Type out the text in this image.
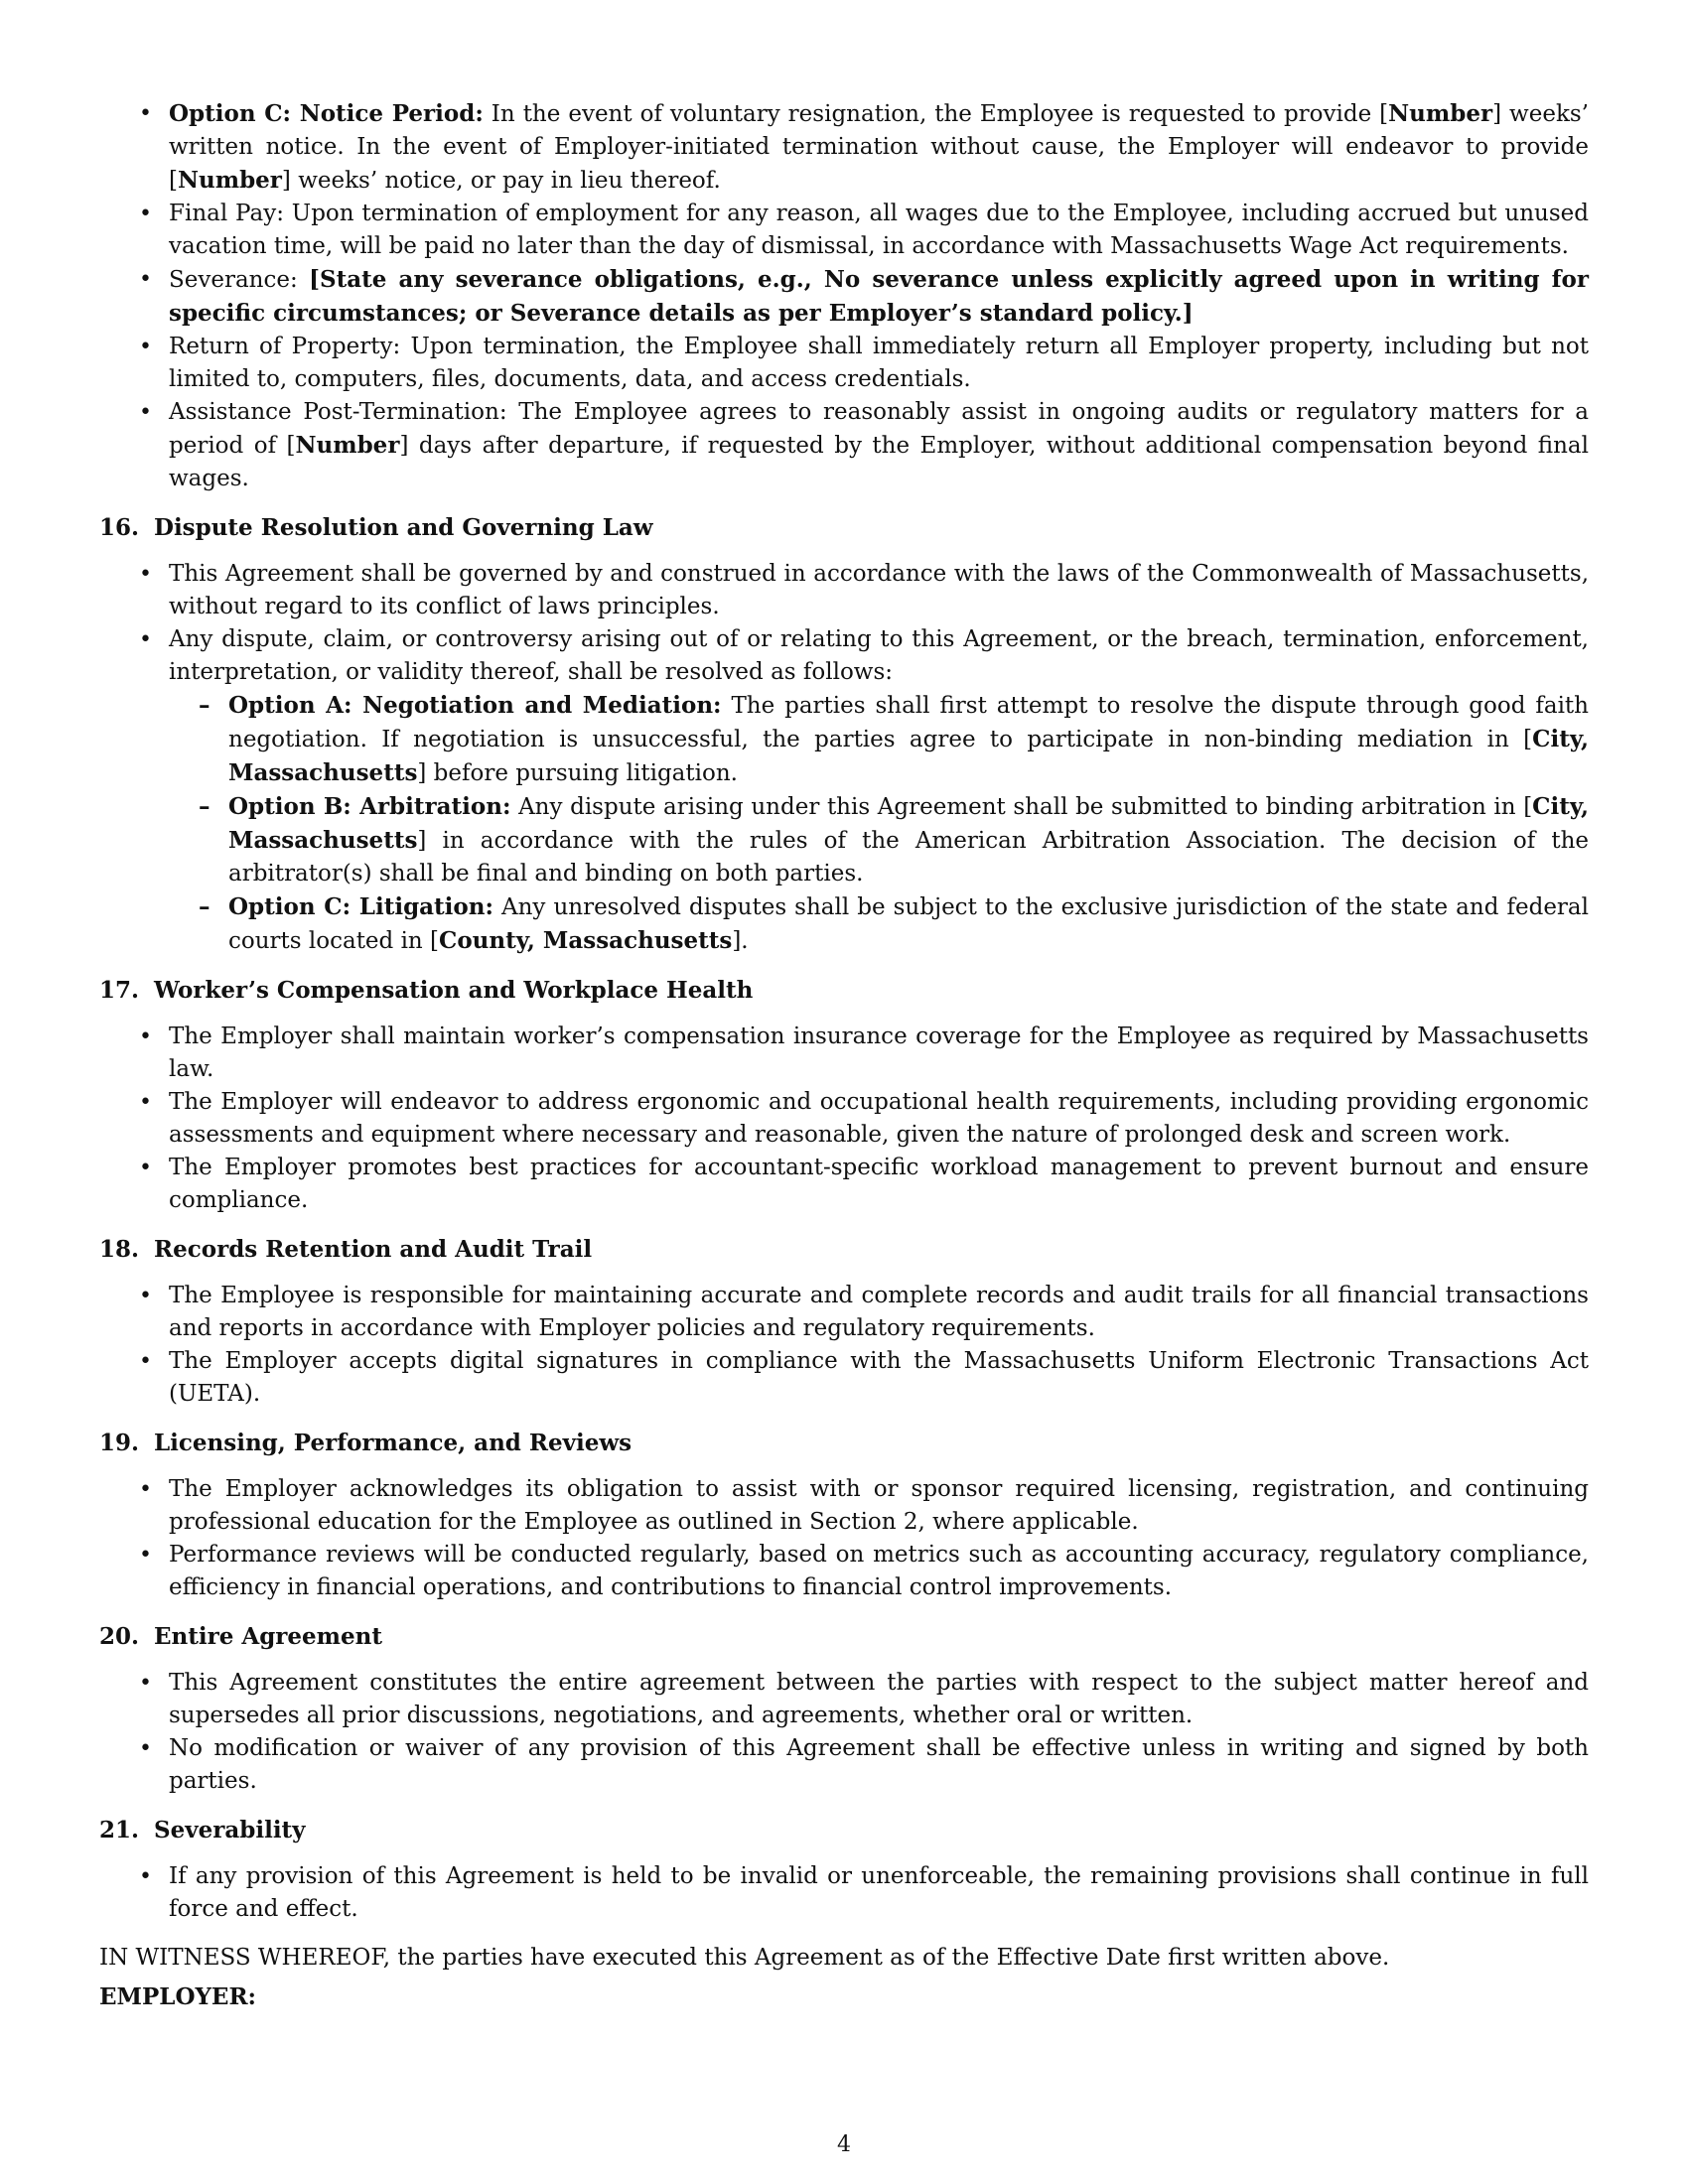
• Option C: Notice Period: In the event of voluntary resignation, the Employee is requested to provide [Number] weeks’ written notice. In the event of Employer-initiated termination without cause, the Employer will endeavor to provide [Number] weeks’ notice, or pay in lieu thereof.
• Final Pay: Upon termination of employment for any reason, all wages due to the Employee, including accrued but unused vacation time, will be paid no later than the day of dismissal, in accordance with Massachusetts Wage Act requirements.
• Severance: [State any severance obligations, e.g., No severance unless explicitly agreed upon in writing for specific circumstances; or Severance details as per Employer’s standard policy.]
• Return of Property: Upon termination, the Employee shall immediately return all Employer property, including but not limited to, computers, files, documents, data, and access credentials.
• Assistance Post-Termination: The Employee agrees to reasonably assist in ongoing audits or regulatory matters for a period of [Number] days after departure, if requested by the Employer, without additional compensation beyond final wages.
16. Dispute Resolution and Governing Law
• This Agreement shall be governed by and construed in accordance with the laws of the Commonwealth of Massachusetts, without regard to its conflict of laws principles.
• Any dispute, claim, or controversy arising out of or relating to this Agreement, or the breach, termination, enforcement, interpretation, or validity thereof, shall be resolved as follows:
– Option A: Negotiation and Mediation: The parties shall first attempt to resolve the dispute through good faith negotiation. If negotiation is unsuccessful, the parties agree to participate in non-binding mediation in [City, Massachusetts] before pursuing litigation.
– Option B: Arbitration: Any dispute arising under this Agreement shall be submitted to binding arbitration in [City, Massachusetts] in accordance with the rules of the American Arbitration Association. The decision of the arbitrator(s) shall be final and binding on both parties.
– Option C: Litigation: Any unresolved disputes shall be subject to the exclusive jurisdiction of the state and federal courts located in [County, Massachusetts].
17. Worker’s Compensation and Workplace Health
• The Employer shall maintain worker’s compensation insurance coverage for the Employee as required by Massachusetts law.
• The Employer will endeavor to address ergonomic and occupational health requirements, including providing ergonomic assessments and equipment where necessary and reasonable, given the nature of prolonged desk and screen work.
• The Employer promotes best practices for accountant-specific workload management to prevent burnout and ensure compliance.
18. Records Retention and Audit Trail
• The Employee is responsible for maintaining accurate and complete records and audit trails for all financial transactions and reports in accordance with Employer policies and regulatory requirements.
• The Employer accepts digital signatures in compliance with the Massachusetts Uniform Electronic Transactions Act (UETA).
19. Licensing, Performance, and Reviews
• The Employer acknowledges its obligation to assist with or sponsor required licensing, registration, and continuing professional education for the Employee as outlined in Section 2, where applicable.
• Performance reviews will be conducted regularly, based on metrics such as accounting accuracy, regulatory compliance, efficiency in financial operations, and contributions to financial control improvements.
20. Entire Agreement
• This Agreement constitutes the entire agreement between the parties with respect to the subject matter hereof and supersedes all prior discussions, negotiations, and agreements, whether oral or written.
• No modification or waiver of any provision of this Agreement shall be effective unless in writing and signed by both parties.
21. Severability
• If any provision of this Agreement is held to be invalid or unenforceable, the remaining provisions shall continue in full force and effect.
IN WITNESS WHEREOF, the parties have executed this Agreement as of the Effective Date first written above.
EMPLOYER:
4
